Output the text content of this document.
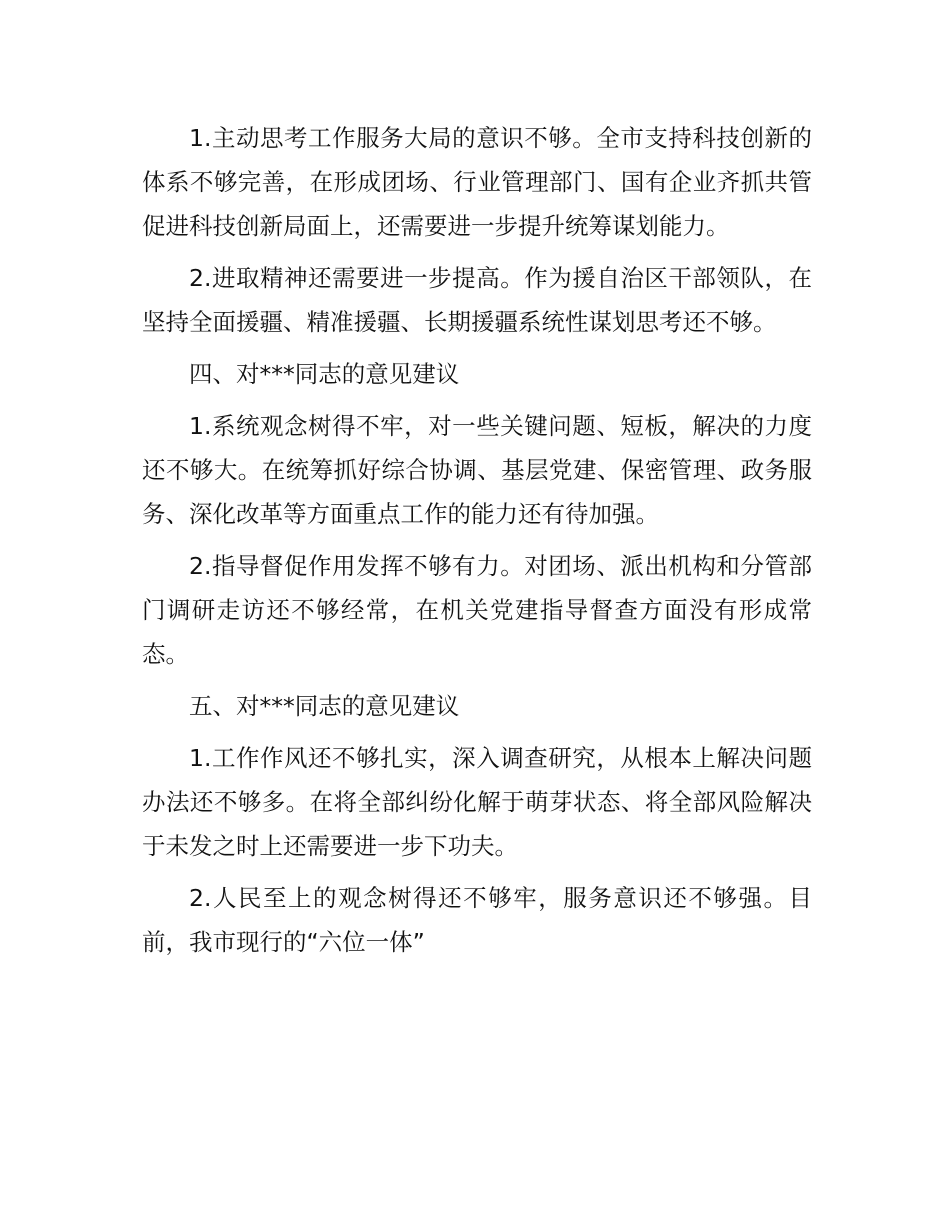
1.主动思考工作服务大局的意识不够。全市支持科技创新的体系不够完善，在形成团场、行业管理部门、国有企业齐抓共管促进科技创新局面上，还需要进一步提升统筹谋划能力。

2.进取精神还需要进一步提高。作为援自治区干部领队，在坚持全面援疆、精准援疆、长期援疆系统性谋划思考还不够。

四、对***同志的意见建议

1.系统观念树得不牢，对一些关键问题、短板，解决的力度还不够大。在统筹抓好综合协调、基层党建、保密管理、政务服务、深化改革等方面重点工作的能力还有待加强。

2.指导督促作用发挥不够有力。对团场、派出机构和分管部门调研走访还不够经常，在机关党建指导督查方面没有形成常态。

五、对***同志的意见建议

1.工作作风还不够扎实，深入调查研究，从根本上解决问题办法还不够多。在将全部纠纷化解于萌芽状态、将全部风险解决于未发之时上还需要进一步下功夫。

2.人民至上的观念树得还不够牢，服务意识还不够强。目前，我市现行的“六位一体”
